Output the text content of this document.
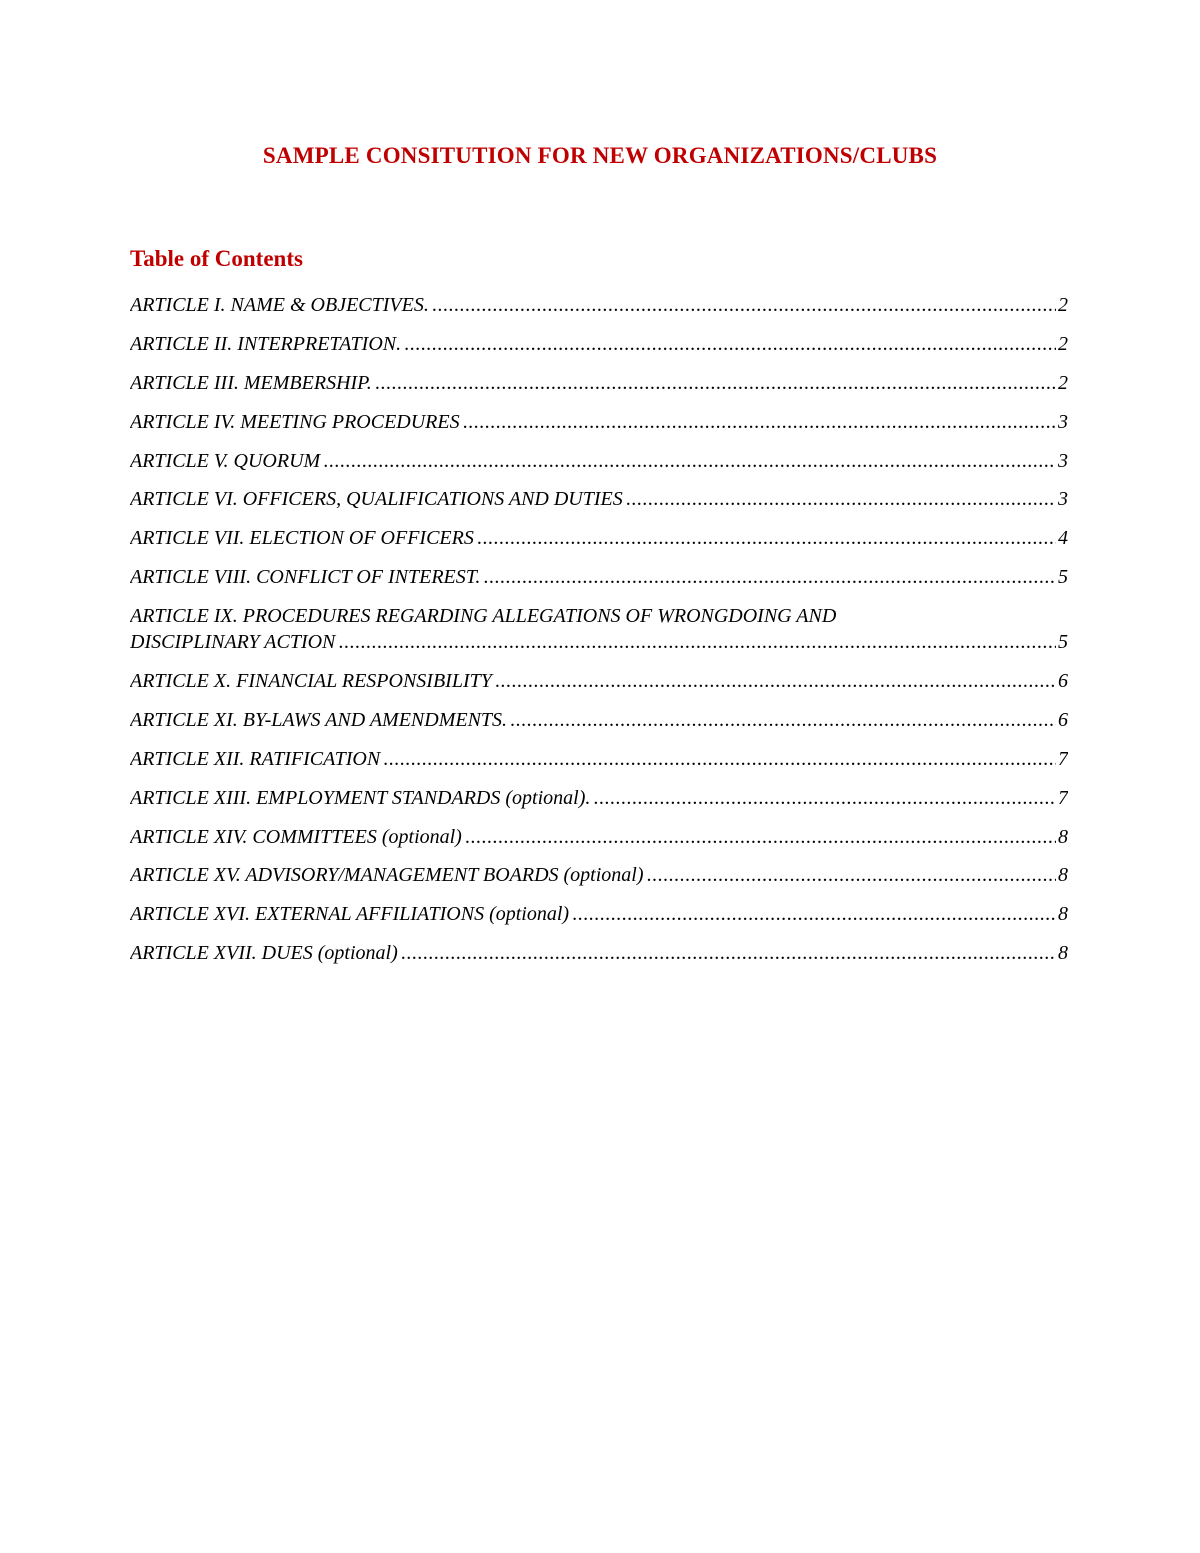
SAMPLE CONSITUTION FOR NEW ORGANIZATIONS/CLUBS
Table of Contents
ARTICLE I. NAME & OBJECTIVES. .....	2
ARTICLE II. INTERPRETATION. .....	2
ARTICLE III. MEMBERSHIP. .....	2
ARTICLE IV. MEETING PROCEDURES .....	3
ARTICLE V. QUORUM .....	3
ARTICLE VI. OFFICERS, QUALIFICATIONS AND DUTIES .....	3
ARTICLE VII. ELECTION OF OFFICERS .....	4
ARTICLE VIII. CONFLICT OF INTEREST. .....	5
ARTICLE IX. PROCEDURES REGARDING ALLEGATIONS OF WRONGDOING AND
DISCIPLINARY ACTION .....	5
ARTICLE X. FINANCIAL RESPONSIBILITY .....	6
ARTICLE XI. BY-LAWS AND AMENDMENTS. .....	6
ARTICLE XII. RATIFICATION .....	7
ARTICLE XIII. EMPLOYMENT STANDARDS (optional). .....	7
ARTICLE XIV. COMMITTEES (optional) .....	8
ARTICLE XV. ADVISORY/MANAGEMENT BOARDS (optional) .....	8
ARTICLE XVI. EXTERNAL AFFILIATIONS (optional) .....	8
ARTICLE XVII. DUES (optional) .....	8
